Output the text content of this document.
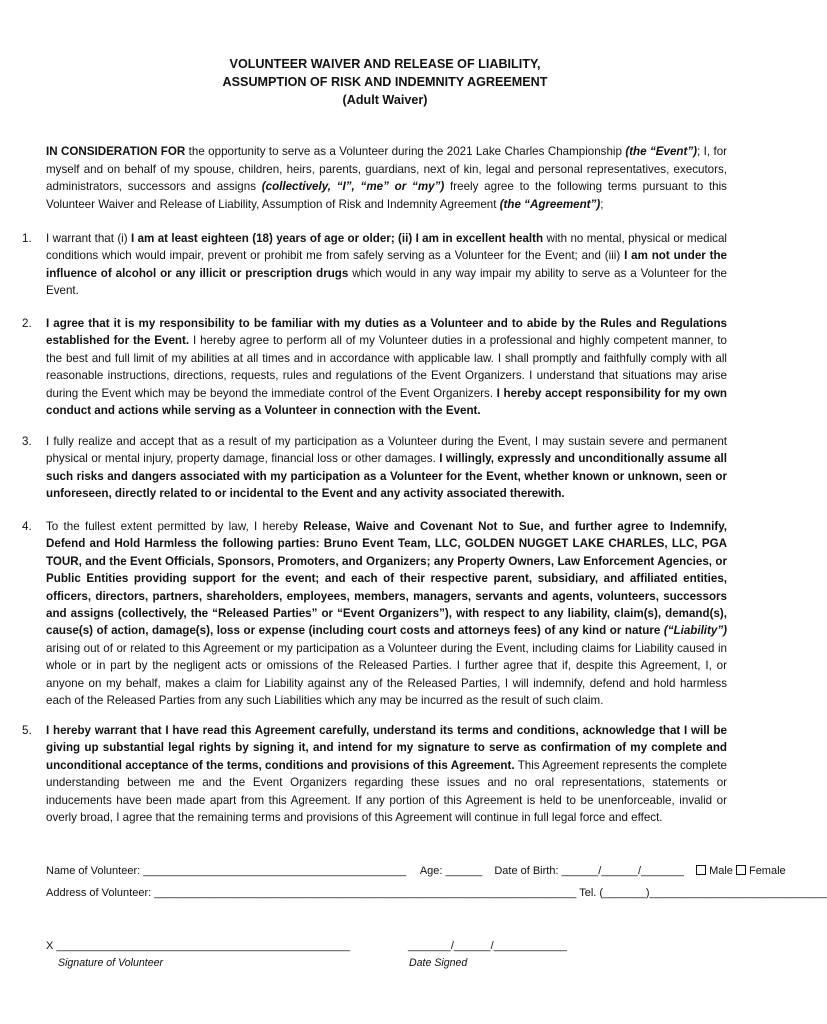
VOLUNTEER WAIVER AND RELEASE OF LIABILITY,
ASSUMPTION OF RISK AND INDEMNITY AGREEMENT
(Adult Waiver)
IN CONSIDERATION FOR the opportunity to serve as a Volunteer during the 2021 Lake Charles Championship (the “Event”); I, for myself and on behalf of my spouse, children, heirs, parents, guardians, next of kin, legal and personal representatives, executors, administrators, successors and assigns (collectively, “I”, “me” or “my”) freely agree to the following terms pursuant to this Volunteer Waiver and Release of Liability, Assumption of Risk and Indemnity Agreement (the “Agreement”);
1.	I warrant that (i) I am at least eighteen (18) years of age or older; (ii) I am in excellent health with no mental, physical or medical conditions which would impair, prevent or prohibit me from safely serving as a Volunteer for the Event; and (iii) I am not under the influence of alcohol or any illicit or prescription drugs which would in any way impair my ability to serve as a Volunteer for the Event.
2.	I agree that it is my responsibility to be familiar with my duties as a Volunteer and to abide by the Rules and Regulations established for the Event. I hereby agree to perform all of my Volunteer duties in a professional and highly competent manner, to the best and full limit of my abilities at all times and in accordance with applicable law. I shall promptly and faithfully comply with all reasonable instructions, directions, requests, rules and regulations of the Event Organizers. I understand that situations may arise during the Event which may be beyond the immediate control of the Event Organizers. I hereby accept responsibility for my own conduct and actions while serving as a Volunteer in connection with the Event.
3.	I fully realize and accept that as a result of my participation as a Volunteer during the Event, I may sustain severe and permanent physical or mental injury, property damage, financial loss or other damages. I willingly, expressly and unconditionally assume all such risks and dangers associated with my participation as a Volunteer for the Event, whether known or unknown, seen or unforeseen, directly related to or incidental to the Event and any activity associated therewith.
4.	To the fullest extent permitted by law, I hereby Release, Waive and Covenant Not to Sue, and further agree to Indemnify, Defend and Hold Harmless the following parties: Bruno Event Team, LLC, GOLDEN NUGGET LAKE CHARLES, LLC, PGA TOUR, and the Event Officials, Sponsors, Promoters, and Organizers; any Property Owners, Law Enforcement Agencies, or Public Entities providing support for the event; and each of their respective parent, subsidiary, and affiliated entities, officers, directors, partners, shareholders, employees, members, managers, servants and agents, volunteers, successors and assigns (collectively, the “Released Parties” or “Event Organizers”), with respect to any liability, claim(s), demand(s), cause(s) of action, damage(s), loss or expense (including court costs and attorneys fees) of any kind or nature (“Liability”) arising out of or related to this Agreement or my participation as a Volunteer during the Event, including claims for Liability caused in whole or in part by the negligent acts or omissions of the Released Parties. I further agree that if, despite this Agreement, I, or anyone on my behalf, makes a claim for Liability against any of the Released Parties, I will indemnify, defend and hold harmless each of the Released Parties from any such Liabilities which any may be incurred as the result of such claim.
5.	I hereby warrant that I have read this Agreement carefully, understand its terms and conditions, acknowledge that I will be giving up substantial legal rights by signing it, and intend for my signature to serve as confirmation of my complete and unconditional acceptance of the terms, conditions and provisions of this Agreement. This Agreement represents the complete understanding between me and the Event Organizers regarding these issues and no oral representations, statements or inducements have been made apart from this Agreement. If any portion of this Agreement is held to be unenforceable, invalid or overly broad, I agree that the remaining terms and provisions of this Agreement will continue in full legal force and effect.
Name of Volunteer: ___________________________________________ Age: ______ Date of Birth: ______/______/_______ Male Female
Address of Volunteer: _____________________________________________________________________ Tel. (_______)_____________________________
X ________________________________________________	_______/______/____________
Signature of Volunteer	Date Signed
